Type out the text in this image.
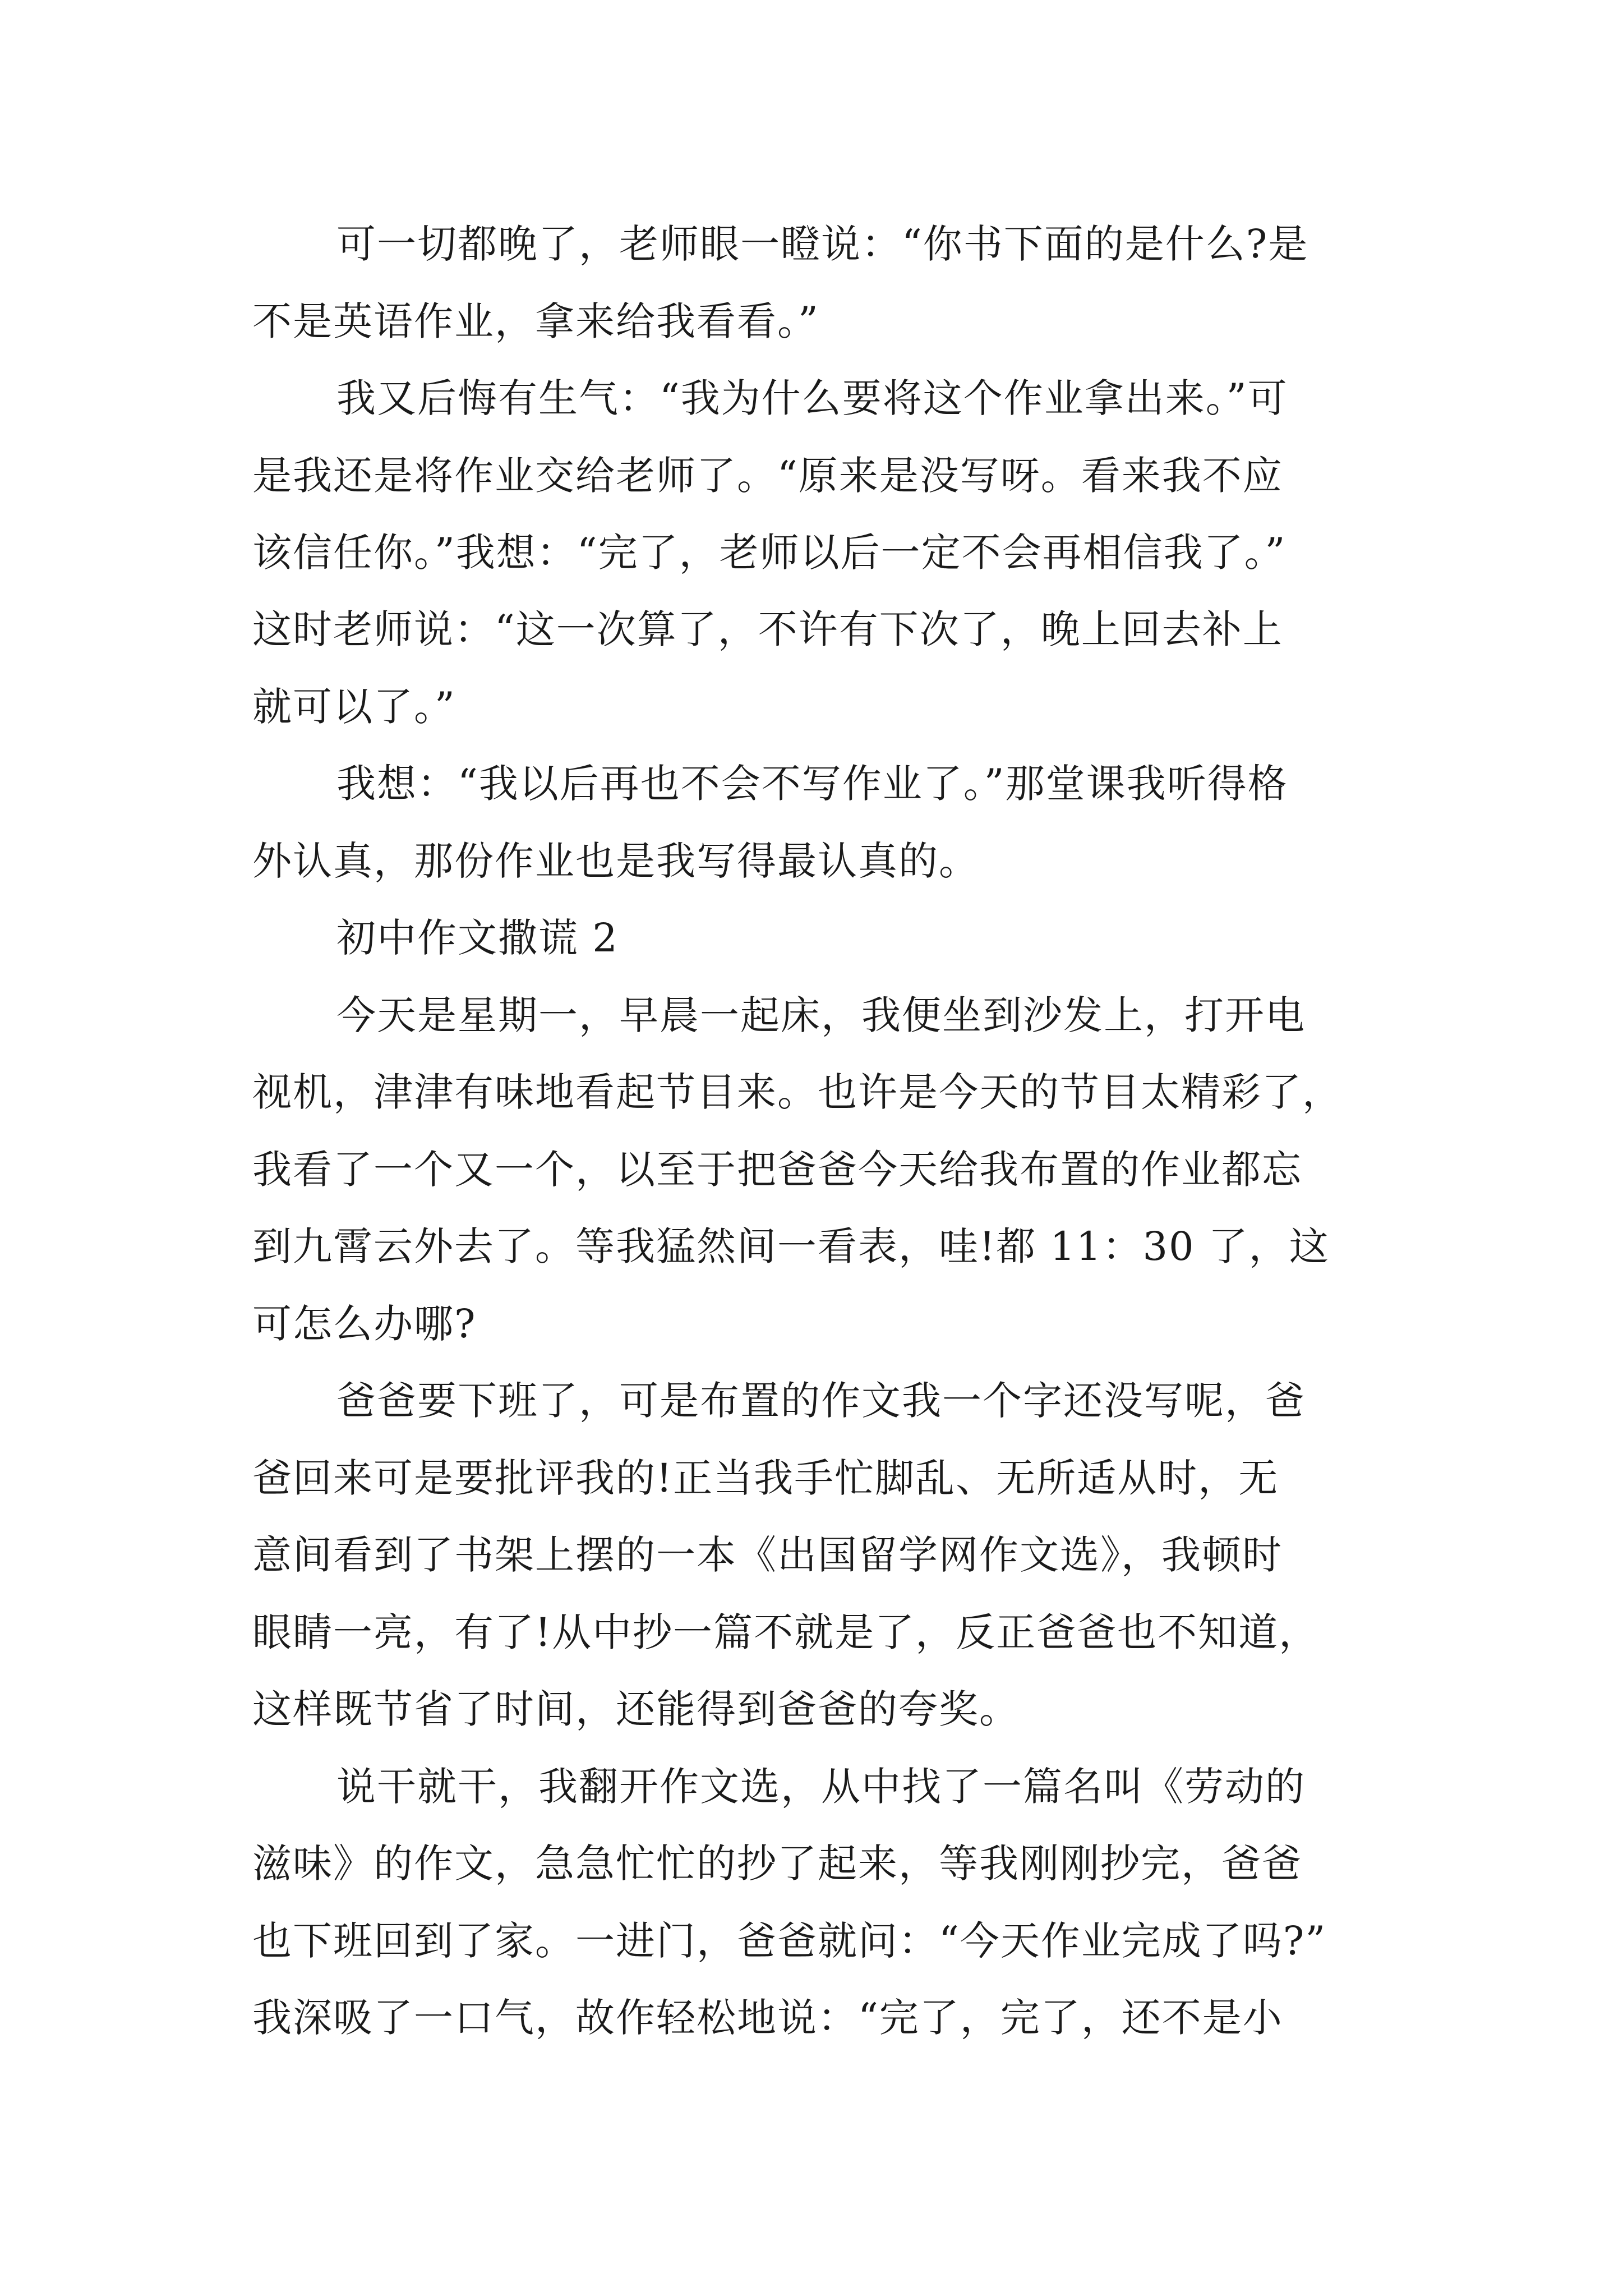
可一切都晚了，老师眼一瞪说：“你书下面的是什么?是
不是英语作业，拿来给我看看。”
我又后悔有生气：“我为什么要将这个作业拿出来。”可
是我还是将作业交给老师了。“原来是没写呀。看来我不应
该信任你。”我想：“完了，老师以后一定不会再相信我了。”
这时老师说：“这一次算了，不许有下次了，晚上回去补上
就可以了。”
我想：“我以后再也不会不写作业了。”那堂课我听得格
外认真，那份作业也是我写得最认真的。
初中作文撒谎 2
今天是星期一，早晨一起床，我便坐到沙发上，打开电
视机，津津有味地看起节目来。也许是今天的节目太精彩了，
我看了一个又一个，以至于把爸爸今天给我布置的作业都忘
到九霄云外去了。等我猛然间一看表，哇!都 11：30 了，这
可怎么办哪?
爸爸要下班了，可是布置的作文我一个字还没写呢，爸
爸回来可是要批评我的!正当我手忙脚乱、无所适从时，无
意间看到了书架上摆的一本《出国留学网作文选》，我顿时
眼睛一亮，有了!从中抄一篇不就是了，反正爸爸也不知道，
这样既节省了时间，还能得到爸爸的夸奖。
说干就干，我翻开作文选，从中找了一篇名叫《劳动的
滋味》的作文，急急忙忙的抄了起来，等我刚刚抄完，爸爸
也下班回到了家。一进门，爸爸就问：“今天作业完成了吗?”
我深吸了一口气，故作轻松地说：“完了，完了，还不是小
